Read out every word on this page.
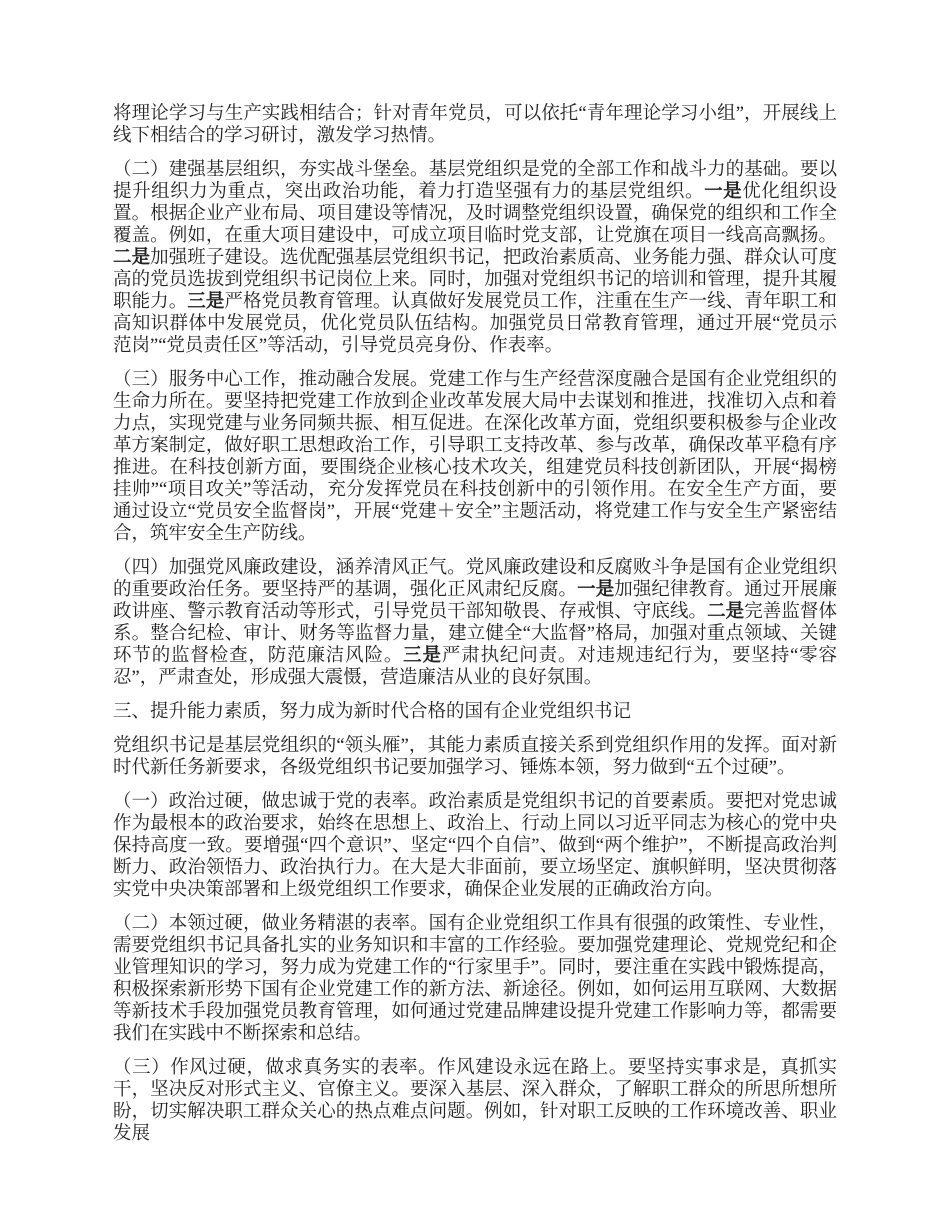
将理论学习与生产实践相结合；针对青年党员，可以依托“青年理论学习小组”，开展线上线下相结合的学习研讨，激发学习热情。

（二）建强基层组织，夯实战斗堡垒。基层党组织是党的全部工作和战斗力的基础。要以提升组织力为重点，突出政治功能，着力打造坚强有力的基层党组织。一是优化组织设置。根据企业产业布局、项目建设等情况，及时调整党组织设置，确保党的组织和工作全覆盖。例如，在重大项目建设中，可成立项目临时党支部，让党旗在项目一线高高飘扬。二是加强班子建设。选优配强基层党组织书记，把政治素质高、业务能力强、群众认可度高的党员选拔到党组织书记岗位上来。同时，加强对党组织书记的培训和管理，提升其履职能力。三是严格党员教育管理。认真做好发展党员工作，注重在生产一线、青年职工和高知识群体中发展党员，优化党员队伍结构。加强党员日常教育管理，通过开展“党员示范岗”“党员责任区”等活动，引导党员亮身份、作表率。

（三）服务中心工作，推动融合发展。党建工作与生产经营深度融合是国有企业党组织的生命力所在。要坚持把党建工作放到企业改革发展大局中去谋划和推进，找准切入点和着力点，实现党建与业务同频共振、相互促进。在深化改革方面，党组织要积极参与企业改革方案制定，做好职工思想政治工作，引导职工支持改革、参与改革，确保改革平稳有序推进。在科技创新方面，要围绕企业核心技术攻关，组建党员科技创新团队，开展“揭榜挂帅”“项目攻关”等活动，充分发挥党员在科技创新中的引领作用。在安全生产方面，要通过设立“党员安全监督岗”，开展“党建＋安全”主题活动，将党建工作与安全生产紧密结合，筑牢安全生产防线。

（四）加强党风廉政建设，涵养清风正气。党风廉政建设和反腐败斗争是国有企业党组织的重要政治任务。要坚持严的基调，强化正风肃纪反腐。一是加强纪律教育。通过开展廉政讲座、警示教育活动等形式，引导党员干部知敬畏、存戒惧、守底线。二是完善监督体系。整合纪检、审计、财务等监督力量，建立健全“大监督”格局，加强对重点领域、关键环节的监督检查，防范廉洁风险。三是严肃执纪问责。对违规违纪行为，要坚持“零容忍”，严肃查处，形成强大震慑，营造廉洁从业的良好氛围。

三、提升能力素质，努力成为新时代合格的国有企业党组织书记

党组织书记是基层党组织的“领头雁”，其能力素质直接关系到党组织作用的发挥。面对新时代新任务新要求，各级党组织书记要加强学习、锤炼本领，努力做到“五个过硬”。

（一）政治过硬，做忠诚于党的表率。政治素质是党组织书记的首要素质。要把对党忠诚作为最根本的政治要求，始终在思想上、政治上、行动上同以习近平同志为核心的党中央保持高度一致。要增强“四个意识”、坚定“四个自信”、做到“两个维护”，不断提高政治判断力、政治领悟力、政治执行力。在大是大非面前，要立场坚定、旗帜鲜明，坚决贯彻落实党中央决策部署和上级党组织工作要求，确保企业发展的正确政治方向。

（二）本领过硬，做业务精湛的表率。国有企业党组织工作具有很强的政策性、专业性，需要党组织书记具备扎实的业务知识和丰富的工作经验。要加强党建理论、党规党纪和企业管理知识的学习，努力成为党建工作的“行家里手”。同时，要注重在实践中锻炼提高，积极探索新形势下国有企业党建工作的新方法、新途径。例如，如何运用互联网、大数据等新技术手段加强党员教育管理，如何通过党建品牌建设提升党建工作影响力等，都需要我们在实践中不断探索和总结。

（三）作风过硬，做求真务实的表率。作风建设永远在路上。要坚持实事求是，真抓实干，坚决反对形式主义、官僚主义。要深入基层、深入群众，了解职工群众的所思所想所盼，切实解决职工群众关心的热点难点问题。例如，针对职工反映的工作环境改善、职业发展
